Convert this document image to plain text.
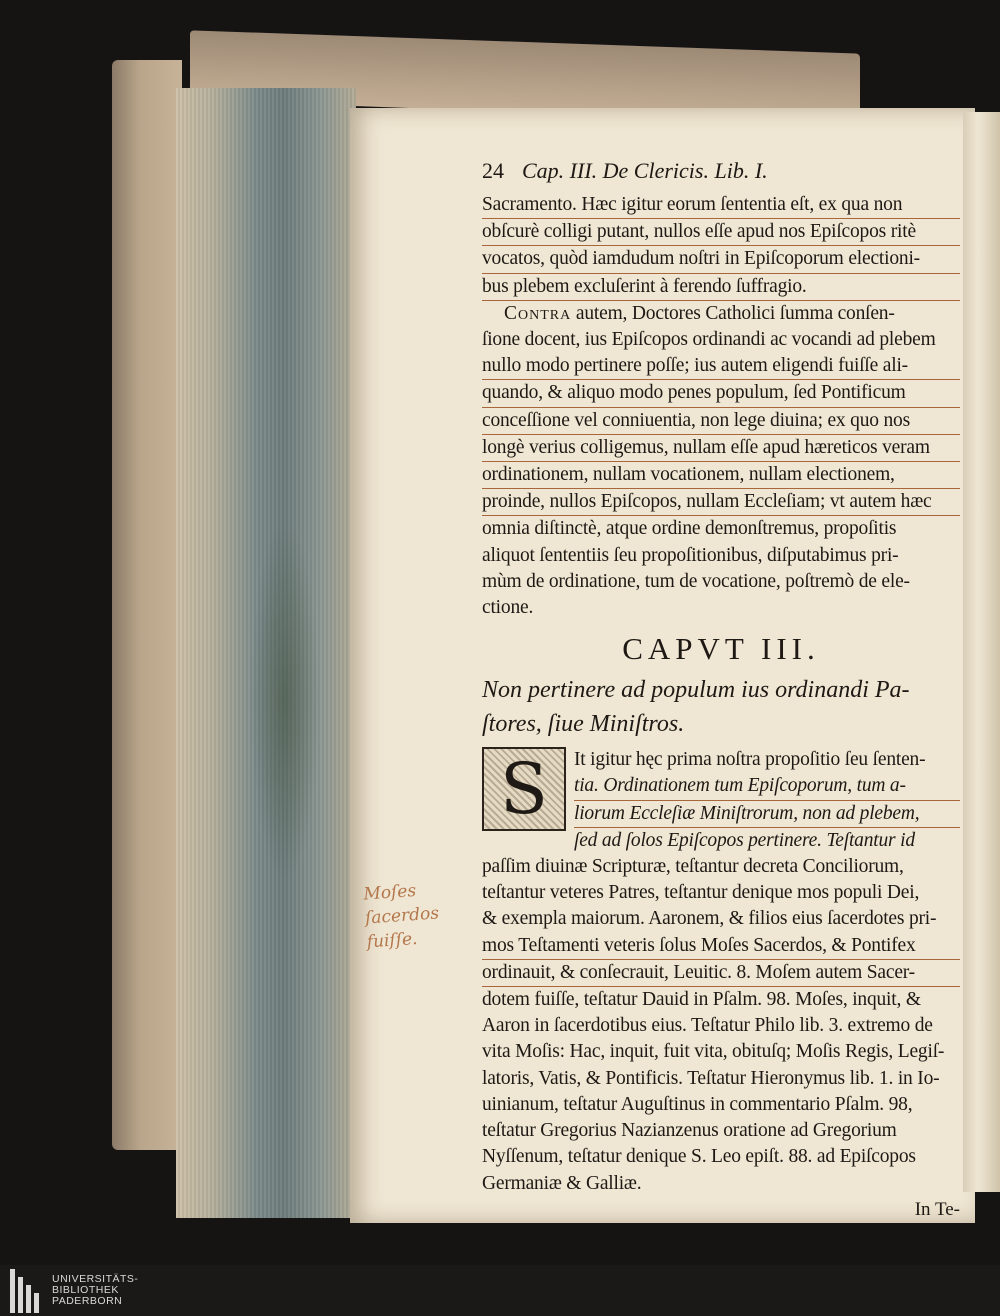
Moſes ſacerdos
fuiſſe.
24 Cap. III. De Clericis. Lib. I.
Sacramento. Hæc igitur eorum ſententia eſt, ex qua non
obſcurè colligi putant, nullos eſſe apud nos Epiſcopos ritè
vocatos, quòd iamdudum noſtri in Epiſcoporum electioni-
bus plebem excluſerint à ferendo ſuffragio.
Contra autem, Doctores Catholici ſumma conſen-
ſione docent, ius Epiſcopos ordinandi ac vocandi ad plebem
nullo modo pertinere poſſe; ius autem eligendi fuiſſe ali-
quando, & aliquo modo penes populum, ſed Pontificum
conceſſione vel conniuentia, non lege diuina; ex quo nos
longè verius colligemus, nullam eſſe apud hæreticos veram
ordinationem, nullam vocationem, nullam electionem,
proinde, nullos Epiſcopos, nullam Eccleſiam; vt autem hæc
omnia diſtinctè, atque ordine demonſtremus, propoſitis
aliquot ſententiis ſeu propoſitionibus, diſputabimus pri-
mùm de ordinatione, tum de vocatione, poſtremò de ele-
ctione.
CAPVT III.
Non pertinere ad populum ius ordinandi Pa-
ſtores, ſiue Miniſtros.
S	It igitur hęc prima noſtra propoſitio ſeu ſenten-
tia. Ordinationem tum Epiſcoporum, tum a-
liorum Eccleſiæ Miniſtrorum, non ad plebem,
ſed ad ſolos Epiſcopos pertinere. Teſtantur id
paſſim diuinæ Scripturæ, teſtantur decreta Conciliorum,
teſtantur veteres Patres, teſtantur denique mos populi Dei,
& exempla maiorum. Aaronem, & filios eius ſacerdotes pri-
mos Teſtamenti veteris ſolus Moſes Sacerdos, & Pontifex
ordinauit, & conſecrauit, Leuitic. 8. Moſem autem Sacer-
dotem fuiſſe, teſtatur Dauid in Pſalm. 98. Moſes, inquit, &
Aaron in ſacerdotibus eius. Teſtatur Philo lib. 3. extremo de
vita Moſis: Hac, inquit, fuit vita, obituſq; Moſis Regis, Legiſ-
latoris, Vatis, & Pontificis. Teſtatur Hieronymus lib. 1. in Io-
uinianum, teſtatur Auguſtinus in commentario Pſalm. 98,
teſtatur Gregorius Nazianzenus oratione ad Gregorium
Nyſſenum, teſtatur denique S. Leo epiſt. 88. ad Epiſcopos
Germaniæ & Galliæ.
In Te-
UNIVERSITÄTS-
BIBLIOTHEK
PADERBORN
